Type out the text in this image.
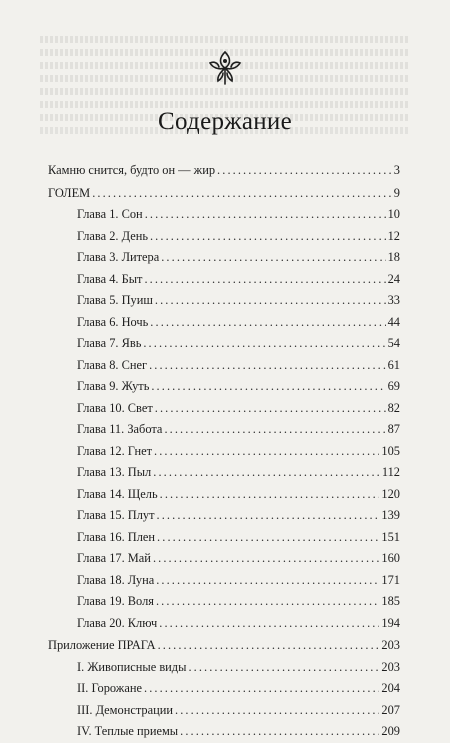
Содержание
Камню снится, будто он — жир . . .	3
ГОЛЕМ . . .	9
Глава 1. Сон . . .	10
Глава 2. День . . .	12
Глава 3. Литера . . .	18
Глава 4. Быт . . .	24
Глава 5. Пуиш . . .	33
Глава 6. Ночь . . .	44
Глава 7. Явь . . .	54
Глава 8. Снег . . .	61
Глава 9. Жуть . . .	69
Глава 10. Свет . . .	82
Глава 11. Забота . . .	87
Глава 12. Гнет . . .	105
Глава 13. Пыл . . .	112
Глава 14. Щель . . .	120
Глава 15. Плут . . .	139
Глава 16. Плен . . .	151
Глава 17. Май . . .	160
Глава 18. Луна . . .	171
Глава 19. Воля . . .	185
Глава 20. Ключ . . .	194
Приложение ПРАГА . . .	203
I. Живописные виды . . .	203
II. Горожане . . .	204
III. Демонстрации . . .	207
IV. Теплые приемы . . .	209
